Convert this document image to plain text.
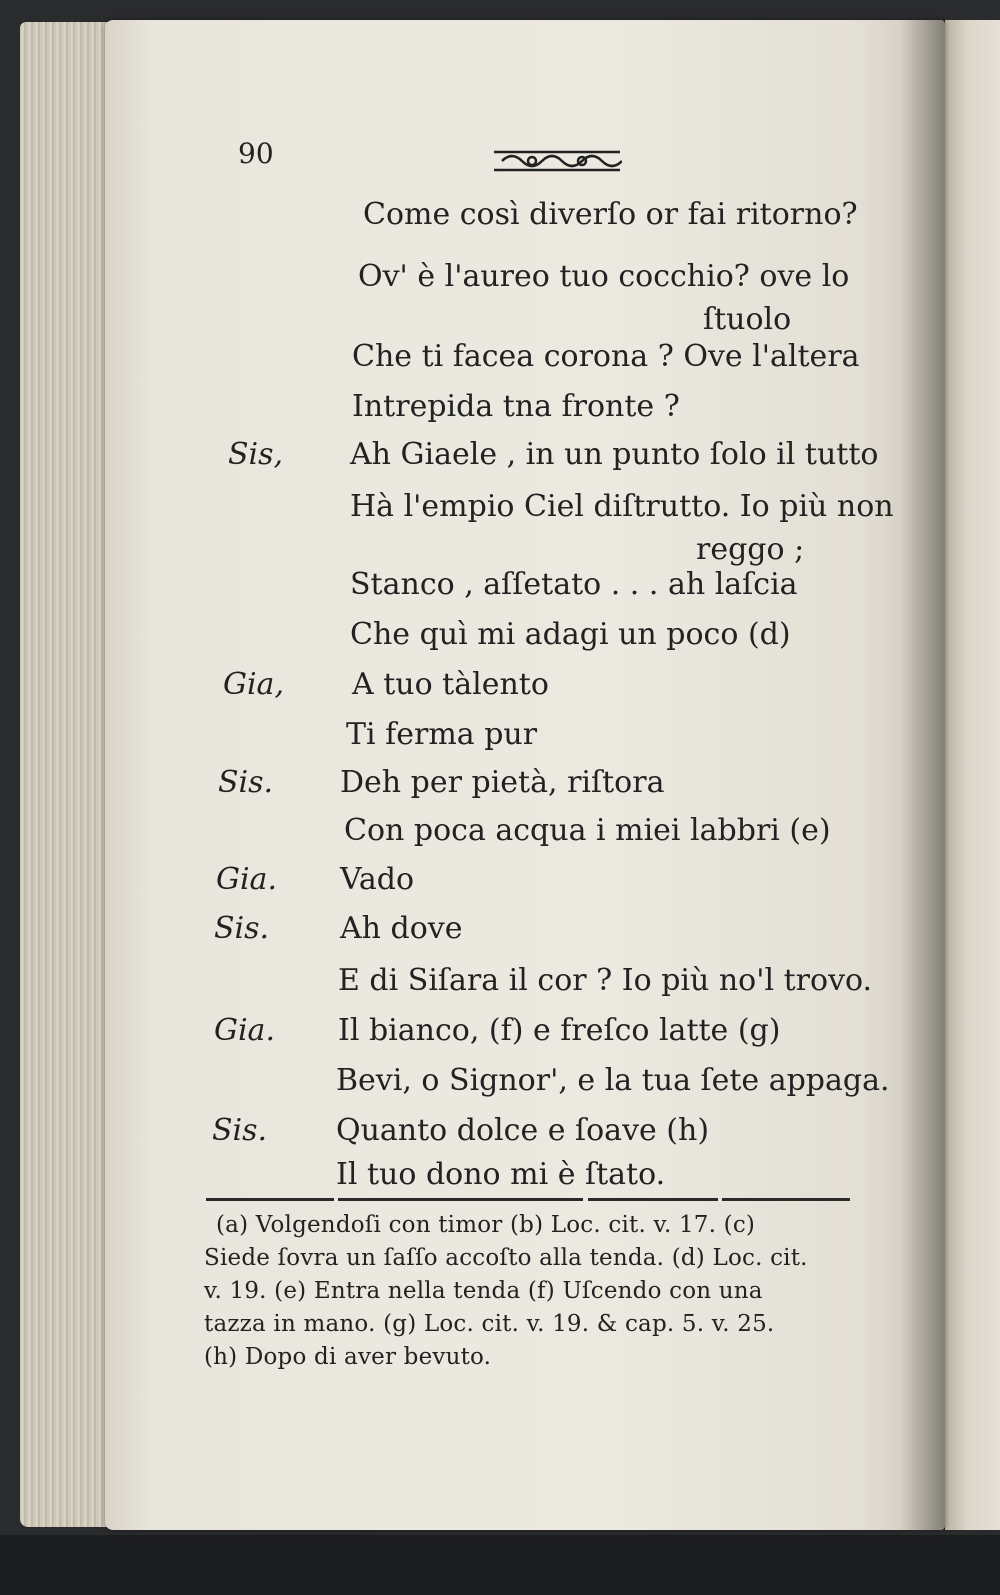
90
Come così diverſo or fai ritorno?
Ov' è l'aureo tuo cocchio? ove lo
ſtuolo
Che ti facea corona ? Ove l'altera
Intrepida tna fronte ?
Sis, Ah Giaele , in un punto ſolo il tutto
Hà l'empio Ciel diſtrutto. Io più non
reggo ;
Stanco , aſſetato . . . ah laſcia
Che quì mi adagi un poco (d)
Gia, A tuo tàlento
Ti ferma pur
Sis. Deh per pietà, riſtora
Con poca acqua i miei labbri (e)
Gia. Vado
Sis. Ah dove
E di Siſara il cor ? Io più no'l trovo.
Gia. Il bianco, (f) e freſco latte (g)
Bevi, o Signor', e la tua ſete appaga.
Sis. Quanto dolce e ſoave (h)
Il tuo dono mi è ſtato.
(a) Volgendoſi con timor (b) Loc. cit. v. 17. (c)
Siede ſovra un ſaſſo accoſto alla tenda. (d) Loc. cit.
v. 19. (e) Entra nella tenda (f) Uſcendo con una
tazza in mano. (g) Loc. cit. v. 19. & cap. 5. v. 25.
(h) Dopo di aver bevuto.
